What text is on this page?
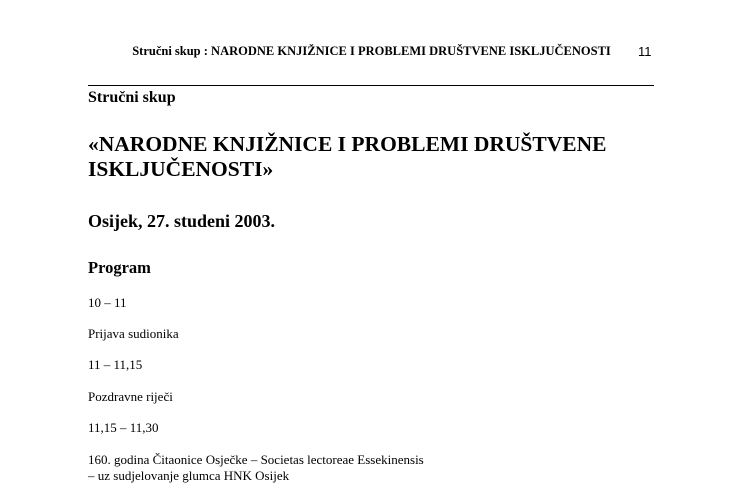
Stručni skup : NARODNE KNJIŽNICE I PROBLEMI DRUŠTVENE ISKLJUČENOSTI	11
Stručni skup
«NARODNE KNJIŽNICE I PROBLEMI DRUŠTVENE
ISKLJUČENOSTI»
Osijek, 27. studeni 2003.
Program
10 – 11
Prijava sudionika
11 – 11,15
Pozdravne riječi
11,15 – 11,30
160. godina Čitaonice Osječke – Societas lectoreae Essekinensis
– uz sudjelovanje glumca HNK Osijek
